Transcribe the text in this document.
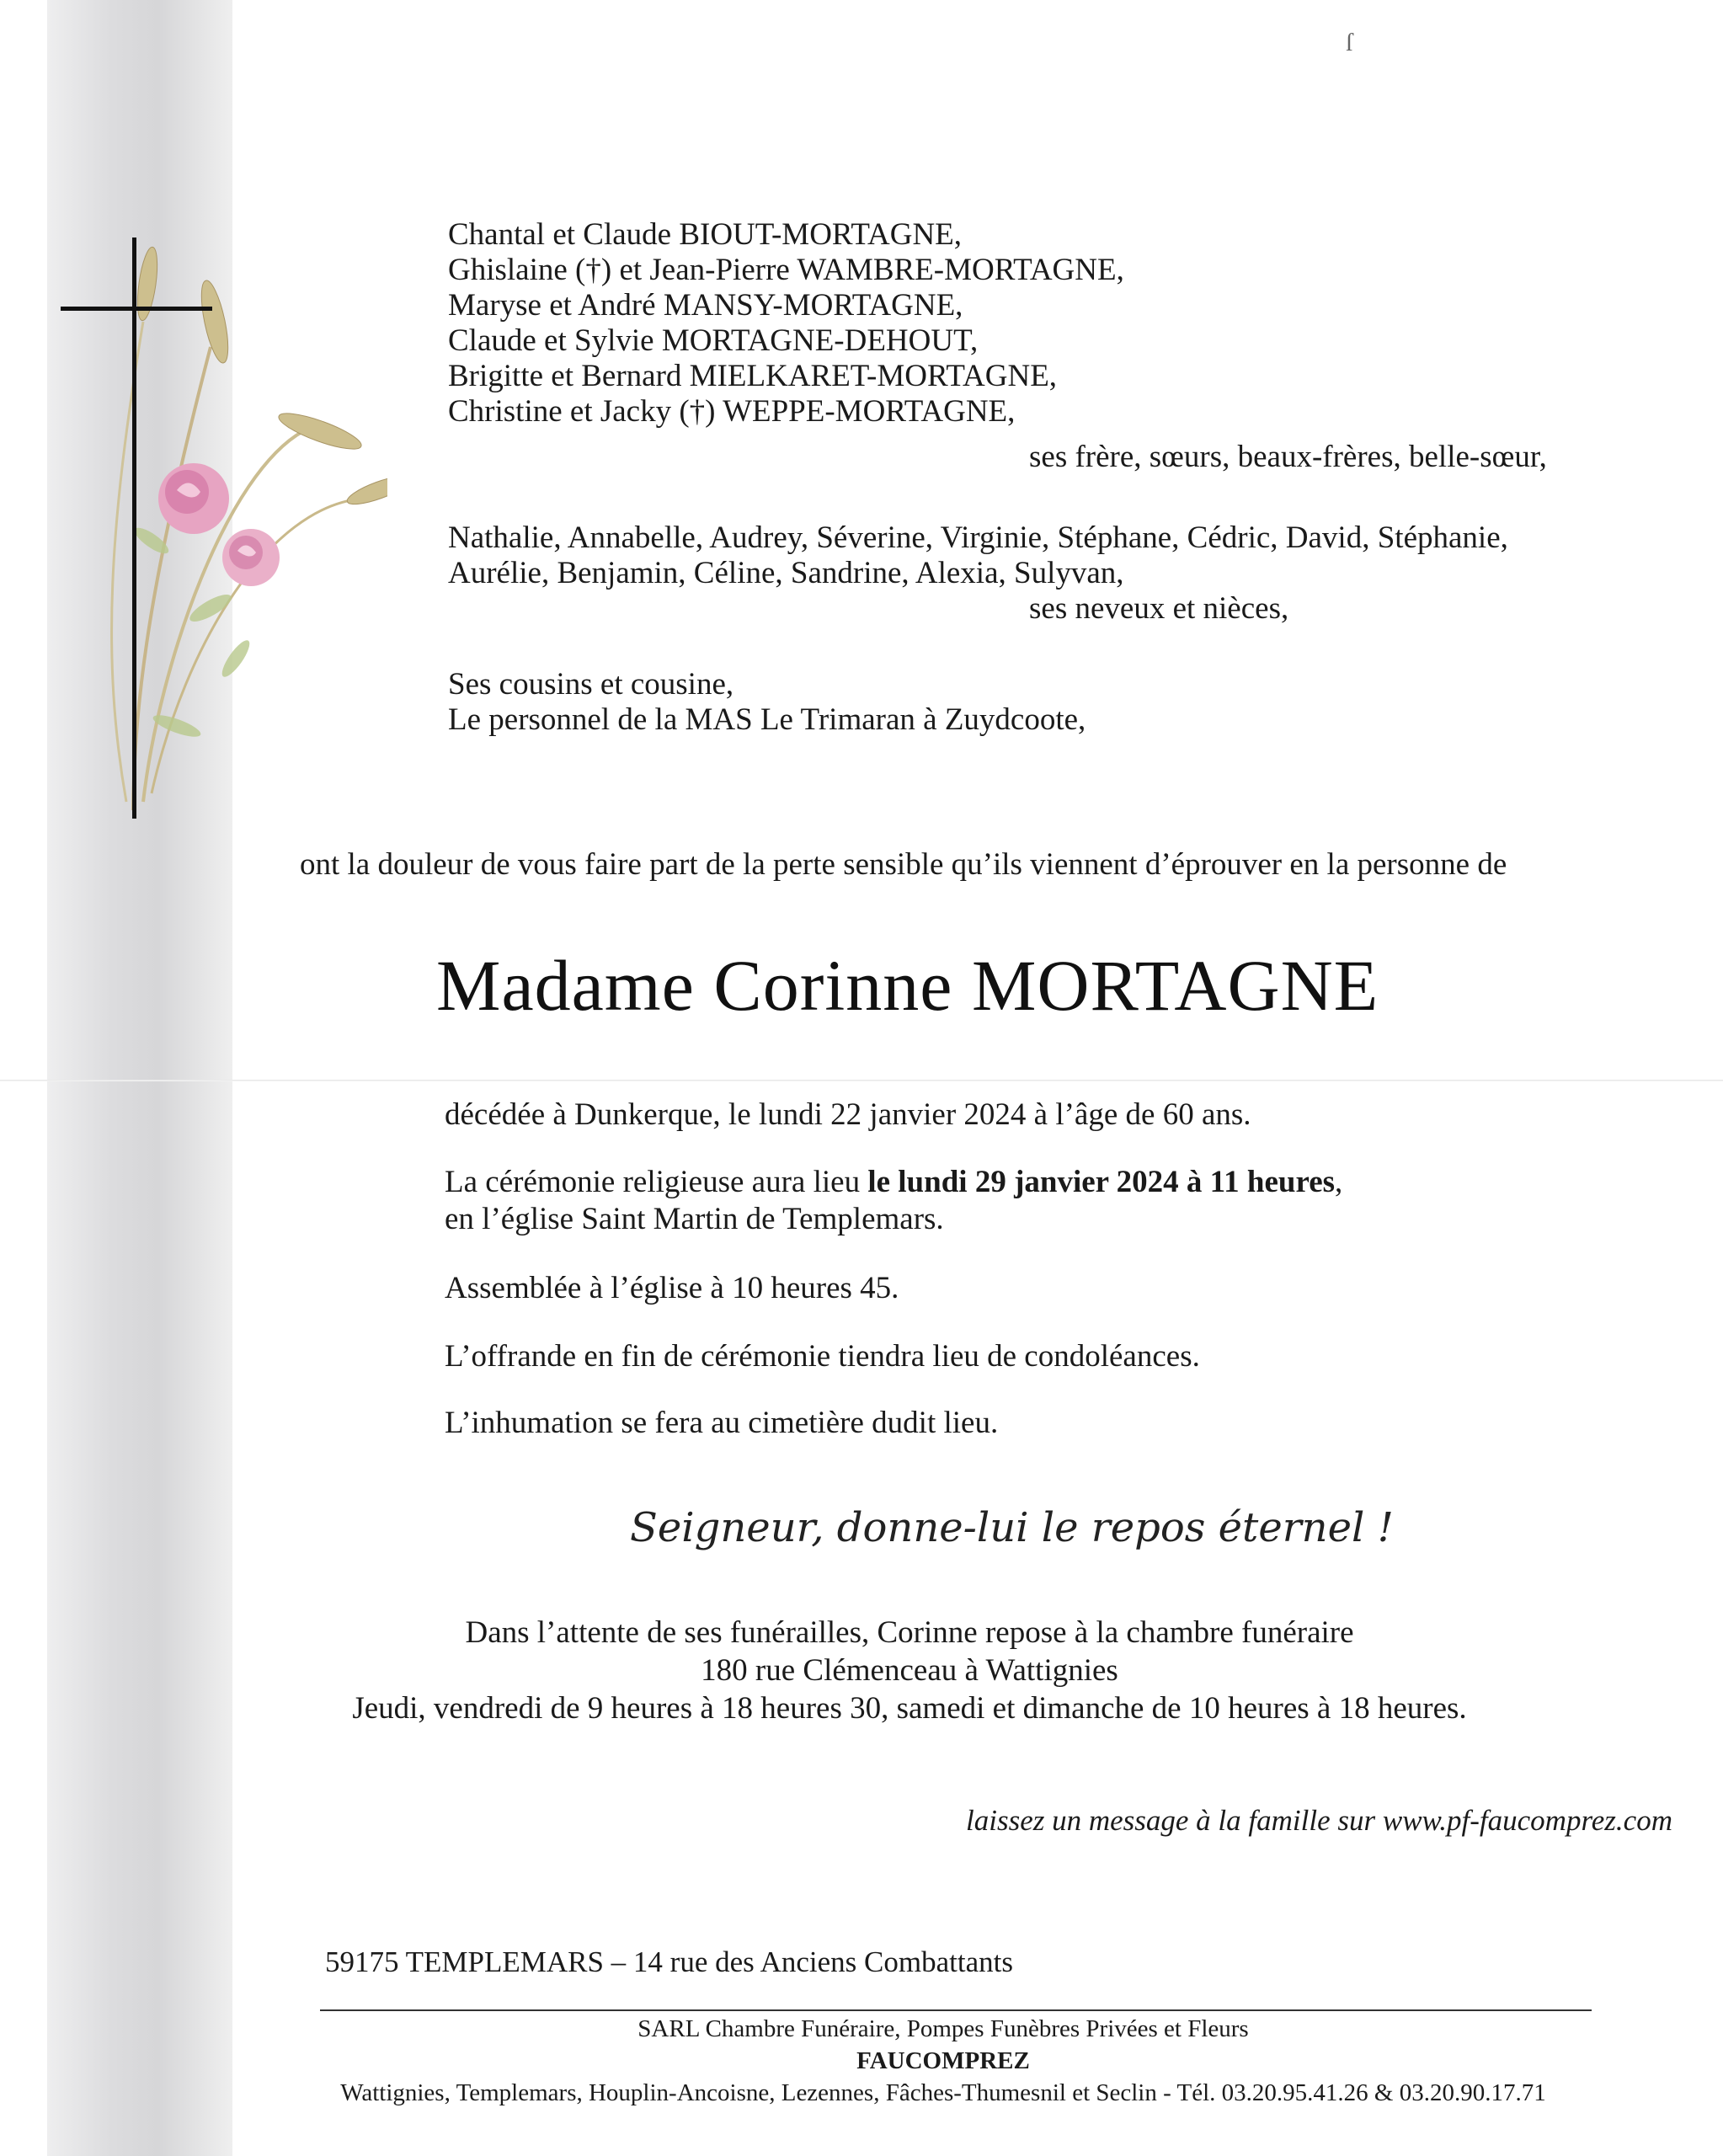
ſ
Chantal et Claude BIOUT-MORTAGNE,
Ghislaine (†) et Jean-Pierre WAMBRE-MORTAGNE,
Maryse et André MANSY-MORTAGNE,
Claude et Sylvie MORTAGNE-DEHOUT,
Brigitte et Bernard MIELKARET-MORTAGNE,
Christine et Jacky (†) WEPPE-MORTAGNE,
ses frère, sœurs, beaux-frères, belle-sœur,
Nathalie, Annabelle, Audrey, Séverine, Virginie, Stéphane, Cédric, David, Stéphanie,
Aurélie, Benjamin, Céline, Sandrine, Alexia, Sulyvan,
ses neveux et nièces,
Ses cousins et cousine,
Le personnel de la MAS Le Trimaran à Zuydcoote,
ont la douleur de vous faire part de la perte sensible qu’ils viennent d’éprouver en la personne de
Madame Corinne MORTAGNE
décédée à Dunkerque, le lundi 22 janvier 2024 à l’âge de 60 ans.
La cérémonie religieuse aura lieu le lundi 29 janvier 2024 à 11 heures,
en l’église Saint Martin de Templemars.
Assemblée à l’église à 10 heures 45.
L’offrande en fin de cérémonie tiendra lieu de condoléances.
L’inhumation se fera au cimetière dudit lieu.
Seigneur, donne-lui le repos éternel !
Dans l’attente de ses funérailles, Corinne repose à la chambre funéraire
180 rue Clémenceau à Wattignies
Jeudi, vendredi de 9 heures à 18 heures 30, samedi et dimanche de 10 heures à 18 heures.
laissez un message à la famille sur www.pf-faucomprez.com
59175 TEMPLEMARS – 14 rue des Anciens Combattants
SARL Chambre Funéraire, Pompes Funèbres Privées et Fleurs
FAUCOMPREZ
Wattignies, Templemars, Houplin-Ancoisne, Lezennes, Fâches-Thumesnil et Seclin - Tél. 03.20.95.41.26 & 03.20.90.17.71
